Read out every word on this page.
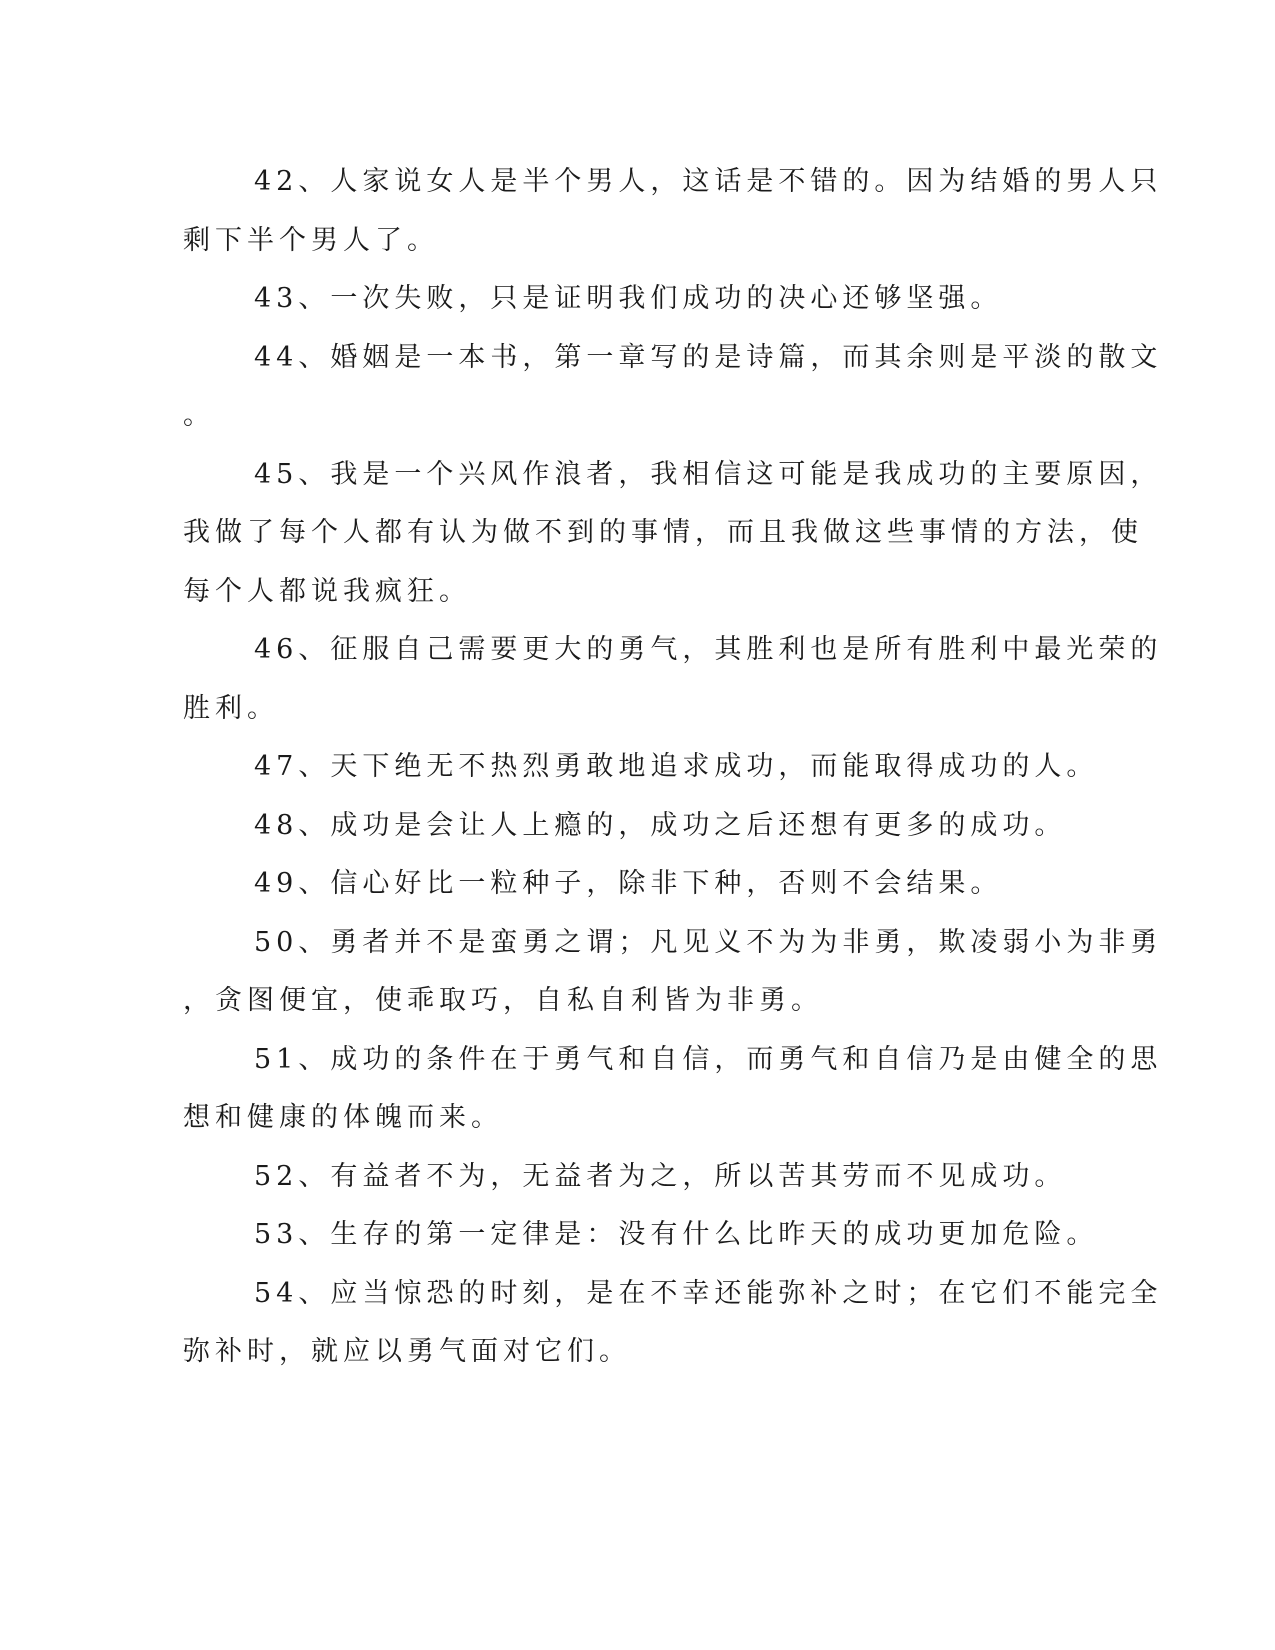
42、人家说女人是半个男人，这话是不错的。因为结婚的男人只
剩下半个男人了。

43、一次失败，只是证明我们成功的决心还够坚强。

44、婚姻是一本书，第一章写的是诗篇，而其余则是平淡的散文
。

45、我是一个兴风作浪者，我相信这可能是我成功的主要原因，
我做了每个人都有认为做不到的事情，而且我做这些事情的方法，使
每个人都说我疯狂。

46、征服自己需要更大的勇气，其胜利也是所有胜利中最光荣的
胜利。

47、天下绝无不热烈勇敢地追求成功，而能取得成功的人。

48、成功是会让人上瘾的，成功之后还想有更多的成功。

49、信心好比一粒种子，除非下种，否则不会结果。

50、勇者并不是蛮勇之谓；凡见义不为为非勇，欺凌弱小为非勇
，贪图便宜，使乖取巧，自私自利皆为非勇。

51、成功的条件在于勇气和自信，而勇气和自信乃是由健全的思
想和健康的体魄而来。

52、有益者不为，无益者为之，所以苦其劳而不见成功。

53、生存的第一定律是：没有什么比昨天的成功更加危险。

54、应当惊恐的时刻，是在不幸还能弥补之时；在它们不能完全
弥补时，就应以勇气面对它们。
